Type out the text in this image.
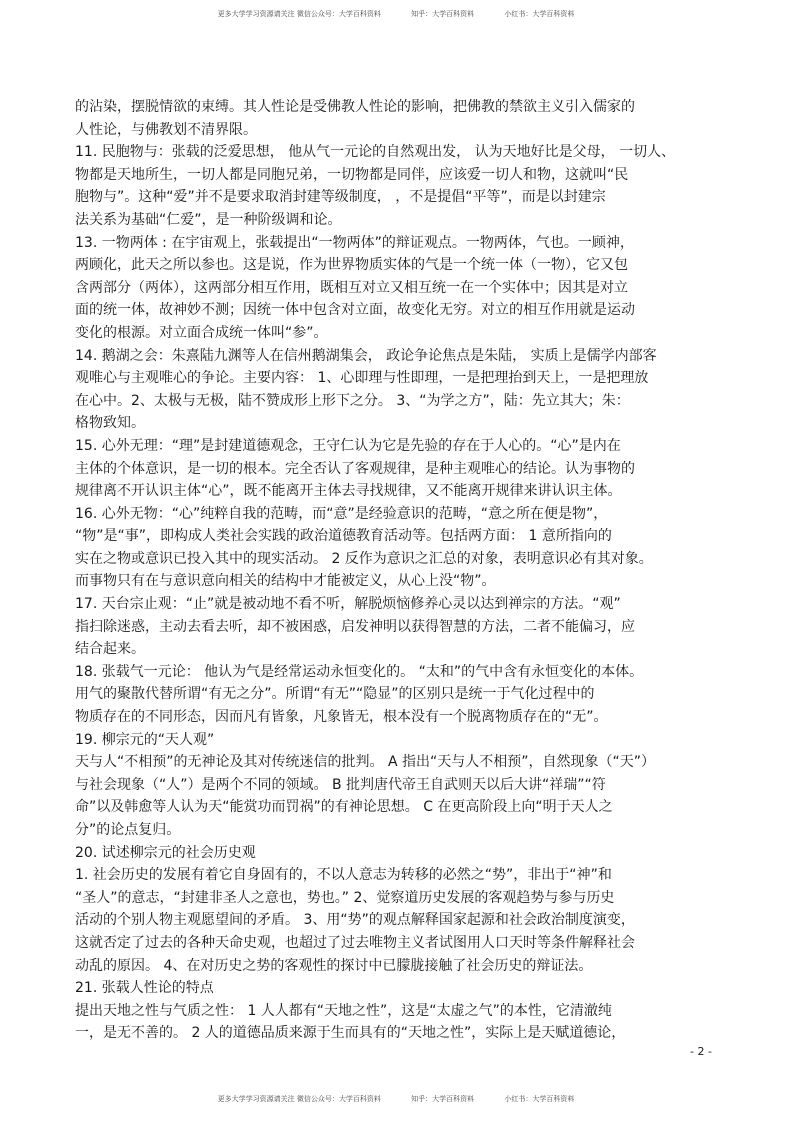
更多大学学习资源请关注 微信公众号：大学百科资料	知乎：大学百科资料	小红书：大学百科资料
的沾染，摆脱情欲的束缚。其人性论是受佛教人性论的影响，把佛教的禁欲主义引入儒家的
人性论，与佛教划不清界限。
11. 民胞物与：张载的泛爱思想， 他从气一元论的自然观出发， 认为天地好比是父母， 一切人、
物都是天地所生，一切人都是同胞兄弟，一切物都是同伴，应该爱一切人和物，这就叫“民
胞物与”。这种“爱”并不是要求取消封建等级制度， ，不是提倡“平等”，而是以封建宗
法关系为基础“仁爱”，是一种阶级调和论。
13. 一物两体 : 在宇宙观上，张载提出“一物两体”的辩证观点。一物两体，气也。一顾神，
两顾化，此天之所以参也。这是说，作为世界物质实体的气是一个统一体（一物），它又包
含两部分（两体），这两部分相互作用，既相互对立又相互统一在一个实体中；因其是对立
面的统一体，故神妙不测；因统一体中包含对立面，故变化无穷。对立的相互作用就是运动
变化的根源。对立面合成统一体叫“参”。
14. 鹅湖之会：朱熹陆九渊等人在信州鹅湖集会， 政论争论焦点是朱陆， 实质上是儒学内部客
观唯心与主观唯心的争论。主要内容： 1、心即理与性即理，一是把理抬到天上，一是把理放
在心中。2、太极与无极，陆不赞成形上形下之分。 3、“为学之方”，陆：先立其大；朱：
格物致知。
15. 心外无理：“理”是封建道德观念，王守仁认为它是先验的存在于人心的。“心”是内在
主体的个体意识，是一切的根本。完全否认了客观规律，是种主观唯心的结论。认为事物的
规律离不开认识主体“心”，既不能离开主体去寻找规律，又不能离开规律来讲认识主体。
16. 心外无物：“心”纯粹自我的范畴，而“意”是经验意识的范畴，“意之所在便是物”，
“物”是“事”，即构成人类社会实践的政治道德教育活动等。包括两方面： 1 意所指向的
实在之物或意识已投入其中的现实活动。 2 反作为意识之汇总的对象，表明意识必有其对象。
而事物只有在与意识意向相关的结构中才能被定义，从心上没“物”。
17. 天台宗止观：“止”就是被动地不看不听，解脱烦恼修养心灵以达到禅宗的方法。“观”
指扫除迷惑，主动去看去听，却不被困惑，启发神明以获得智慧的方法，二者不能偏习，应
结合起来。
18. 张载气一元论： 他认为气是经常运动永恒变化的。 “太和”的气中含有永恒变化的本体。
用气的聚散代替所谓“有无之分”。所谓“有无”“隐显”的区别只是统一于气化过程中的
物质存在的不同形态，因而凡有皆象，凡象皆无，根本没有一个脱离物质存在的“无”。
19. 柳宗元的“天人观”
天与人“不相预”的无神论及其对传统迷信的批判。 A 指出“天与人不相预”，自然现象（“天”）
与社会现象（“人”）是两个不同的领域。 B 批判唐代帝王自武则天以后大讲“祥瑞”“符
命”以及韩愈等人认为天“能赏功而罚祸”的有神论思想。 C 在更高阶段上向“明于天人之
分”的论点复归。
20. 试述柳宗元的社会历史观
1. 社会历史的发展有着它自身固有的，不以人意志为转移的必然之“势”，非出于“神”和
“圣人”的意志，“封建非圣人之意也，势也。” 2、觉察道历史发展的客观趋势与参与历史
活动的个别人物主观愿望间的矛盾。 3、用“势”的观点解释国家起源和社会政治制度演变，
这就否定了过去的各种天命史观，也超过了过去唯物主义者试图用人口天时等条件解释社会
动乱的原因。 4、在对历史之势的客观性的探讨中已朦胧接触了社会历史的辩证法。
21. 张载人性论的特点
提出天地之性与气质之性： 1 人人都有“天地之性”，这是“太虚之气”的本性，它清澈纯
一，是无不善的。 2 人的道德品质来源于生而具有的“天地之性”，实际上是天赋道德论，
- 2 -
更多大学学习资源请关注 微信公众号：大学百科资料	知乎：大学百科资料	小红书：大学百科资料
